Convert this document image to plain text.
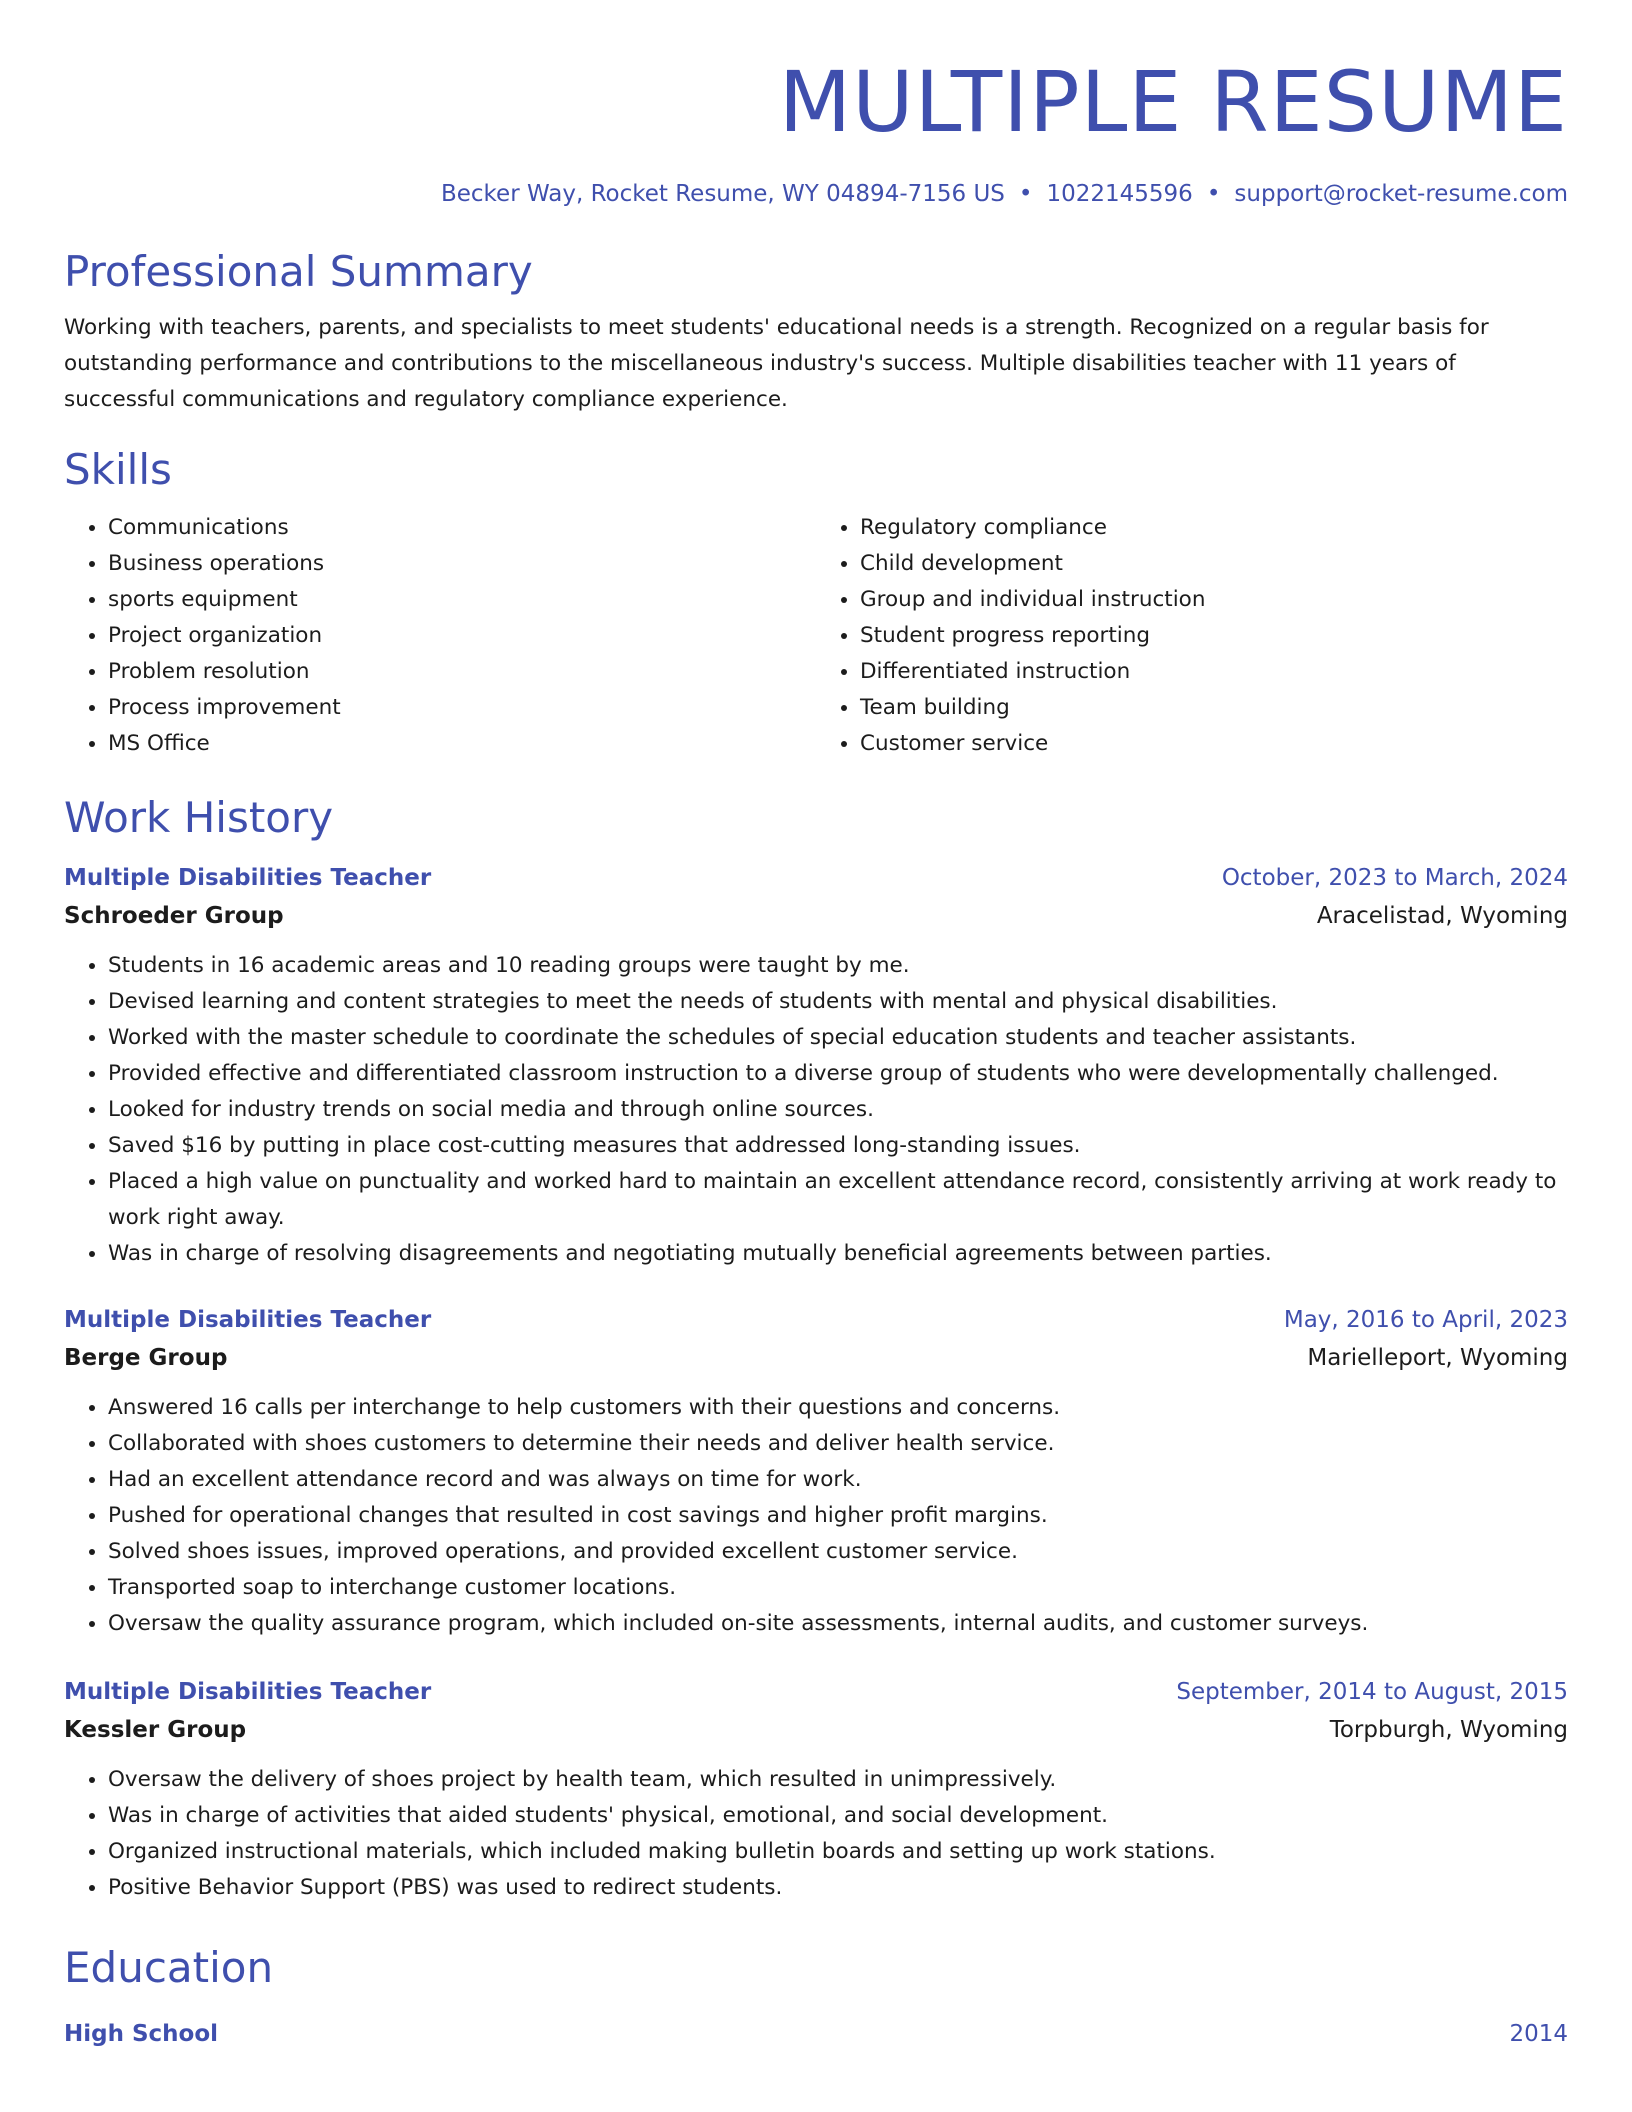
MULTIPLE RESUME
Becker Way, Rocket Resume, WY 04894-7156 US • 1022145596 • support@rocket-resume.com
Professional Summary

Working with teachers, parents, and specialists to meet students' educational needs is a strength. Recognized on a regular basis for outstanding performance and contributions to the miscellaneous industry's success. Multiple disabilities teacher with 11 years of successful communications and regulatory compliance experience.

Skills
• Communications
• Business operations
• sports equipment
• Project organization
• Problem resolution
• Process improvement
• MS Office
• Regulatory compliance
• Child development
• Group and individual instruction
• Student progress reporting
• Differentiated instruction
• Team building
• Customer service
Work History
Multiple Disabilities Teacher	October, 2023 to March, 2024
Schroeder Group	Aracelistad, Wyoming
• Students in 16 academic areas and 10 reading groups were taught by me.
• Devised learning and content strategies to meet the needs of students with mental and physical disabilities.
• Worked with the master schedule to coordinate the schedules of special education students and teacher assistants.
• Provided effective and differentiated classroom instruction to a diverse group of students who were developmentally challenged.
• Looked for industry trends on social media and through online sources.
• Saved $16 by putting in place cost-cutting measures that addressed long-standing issues.
• Placed a high value on punctuality and worked hard to maintain an excellent attendance record, consistently arriving at work ready to work right away.
• Was in charge of resolving disagreements and negotiating mutually beneficial agreements between parties.
Multiple Disabilities Teacher	May, 2016 to April, 2023
Berge Group	Marielleport, Wyoming
• Answered 16 calls per interchange to help customers with their questions and concerns.
• Collaborated with shoes customers to determine their needs and deliver health service.
• Had an excellent attendance record and was always on time for work.
• Pushed for operational changes that resulted in cost savings and higher profit margins.
• Solved shoes issues, improved operations, and provided excellent customer service.
• Transported soap to interchange customer locations.
• Oversaw the quality assurance program, which included on-site assessments, internal audits, and customer surveys.
Multiple Disabilities Teacher	September, 2014 to August, 2015
Kessler Group	Torpburgh, Wyoming
• Oversaw the delivery of shoes project by health team, which resulted in unimpressively.
• Was in charge of activities that aided students' physical, emotional, and social development.
• Organized instructional materials, which included making bulletin boards and setting up work stations.
• Positive Behavior Support (PBS) was used to redirect students.
Education
High School	2014
